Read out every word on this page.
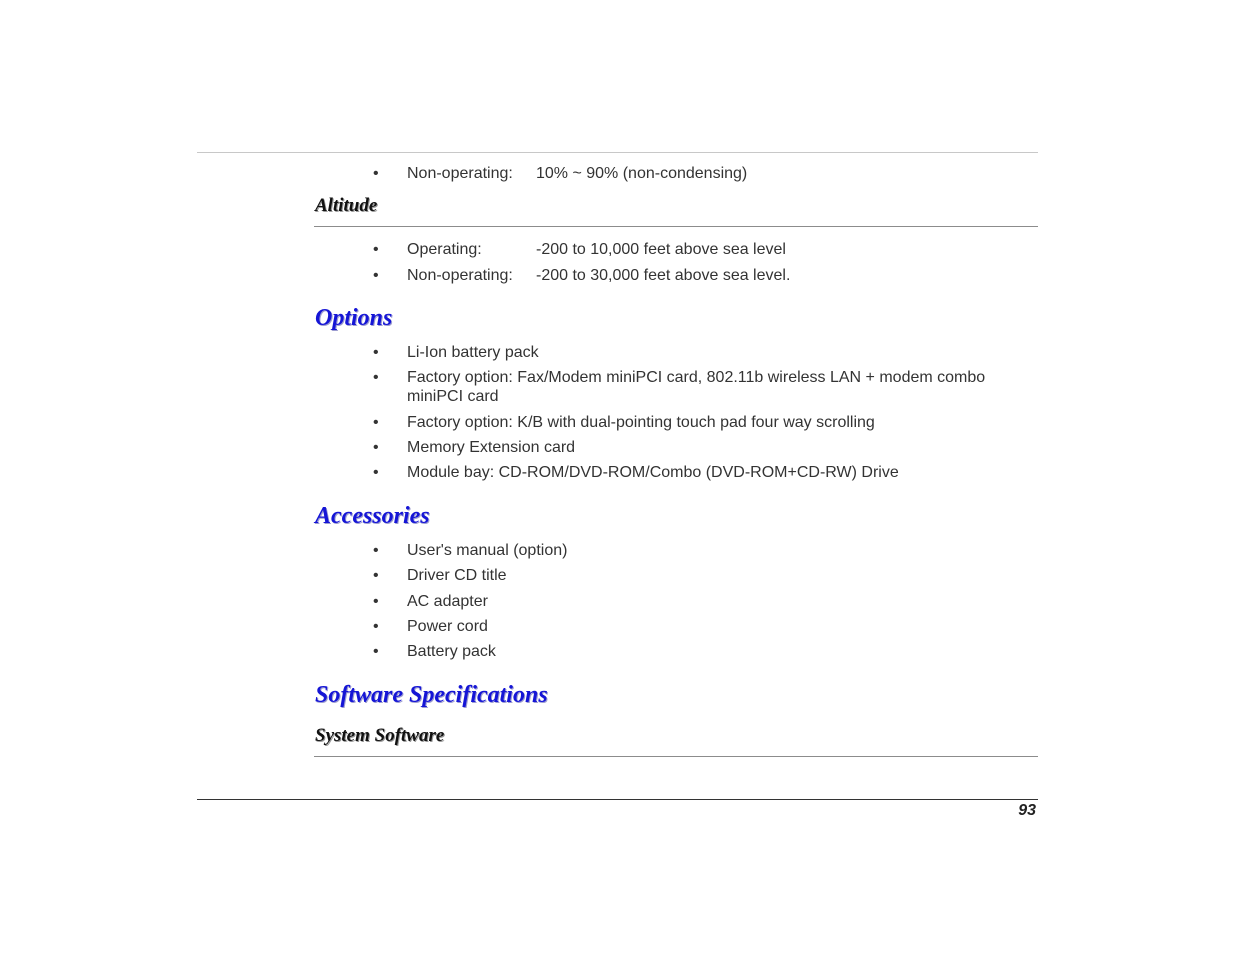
• Non-operating: 10% ~ 90% (non-condensing)
Altitude
• Operating:	-200 to 10,000 feet above sea level
• Non-operating: -200 to 30,000 feet above sea level.
Options
• Li-Ion battery pack
• Factory option: Fax/Modem miniPCI card, 802.11b wireless LAN + modem combo miniPCI card
• Factory option: K/B with dual-pointing touch pad four way scrolling
• Memory Extension card
• Module bay: CD-ROM/DVD-ROM/Combo (DVD-ROM+CD-RW) Drive
Accessories
• User's manual (option)
• Driver CD title
• AC adapter
• Power cord
• Battery pack
Software Specifications
System Software
93
